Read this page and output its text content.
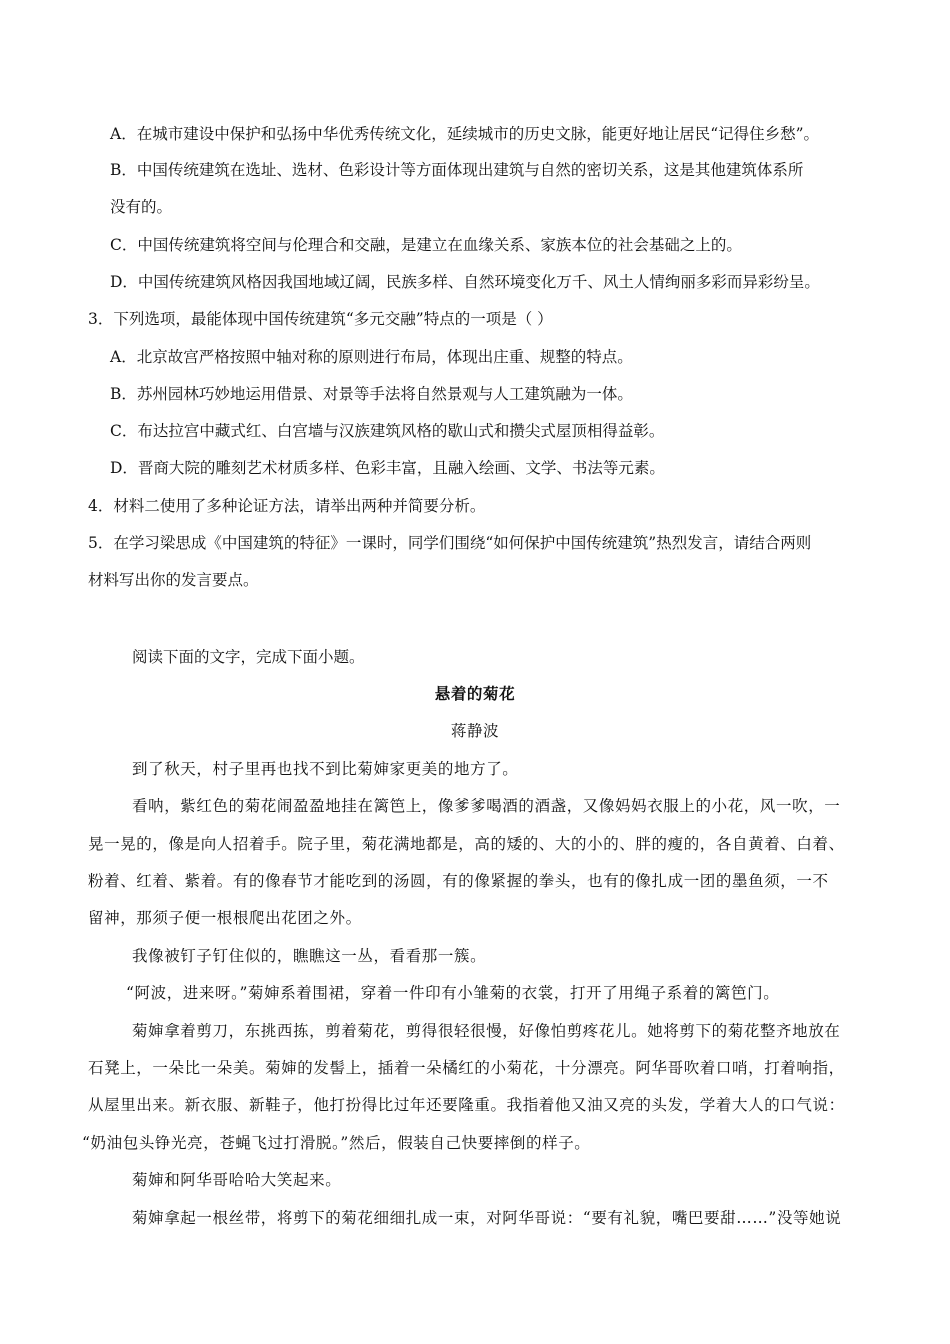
A．在城市建设中保护和弘扬中华优秀传统文化，延续城市的历史文脉，能更好地让居民“记得住乡愁”。
B．中国传统建筑在选址、选材、色彩设计等方面体现出建筑与自然的密切关系，这是其他建筑体系所
没有的。
C．中国传统建筑将空间与伦理合和交融，是建立在血缘关系、家族本位的社会基础之上的。
D．中国传统建筑风格因我国地域辽阔，民族多样、自然环境变化万千、风土人情绚丽多彩而异彩纷呈。
3．下列选项，最能体现中国传统建筑“多元交融”特点的一项是（ ）
A．北京故宫严格按照中轴对称的原则进行布局，体现出庄重、规整的特点。
B．苏州园林巧妙地运用借景、对景等手法将自然景观与人工建筑融为一体。
C．布达拉宫中藏式红、白宫墙与汉族建筑风格的歇山式和攒尖式屋顶相得益彰。
D．晋商大院的雕刻艺术材质多样、色彩丰富，且融入绘画、文学、书法等元素。
4．材料二使用了多种论证方法，请举出两种并简要分析。
5．在学习梁思成《中国建筑的特征》一课时，同学们围绕“如何保护中国传统建筑”热烈发言，请结合两则
材料写出你的发言要点。
阅读下面的文字，完成下面小题。
悬着的菊花
蒋静波
到了秋天，村子里再也找不到比菊婶家更美的地方了。
看呐，紫红色的菊花闹盈盈地挂在篱笆上，像爹爹喝酒的酒盏，又像妈妈衣服上的小花，风一吹，一
晃一晃的，像是向人招着手。院子里，菊花满地都是，高的矮的、大的小的、胖的瘦的，各自黄着、白着、
粉着、红着、紫着。有的像春节才能吃到的汤圆，有的像紧握的拳头，也有的像扎成一团的墨鱼须，一不
留神，那须子便一根根爬出花团之外。
我像被钉子钉住似的，瞧瞧这一丛，看看那一簇。
“阿波，进来呀。”菊婶系着围裙，穿着一件印有小雏菊的衣裳，打开了用绳子系着的篱笆门。
菊婶拿着剪刀，东挑西拣，剪着菊花，剪得很轻很慢，好像怕剪疼花儿。她将剪下的菊花整齐地放在
石凳上，一朵比一朵美。菊婶的发髻上，插着一朵橘红的小菊花，十分漂亮。阿华哥吹着口哨，打着响指，
从屋里出来。新衣服、新鞋子，他打扮得比过年还要隆重。我指着他又油又亮的头发，学着大人的口气说：
“奶油包头铮光亮，苍蝇飞过打滑脱。”然后，假装自己快要摔倒的样子。
菊婶和阿华哥哈哈大笑起来。
菊婶拿起一根丝带，将剪下的菊花细细扎成一束，对阿华哥说：“要有礼貌，嘴巴要甜……”没等她说
